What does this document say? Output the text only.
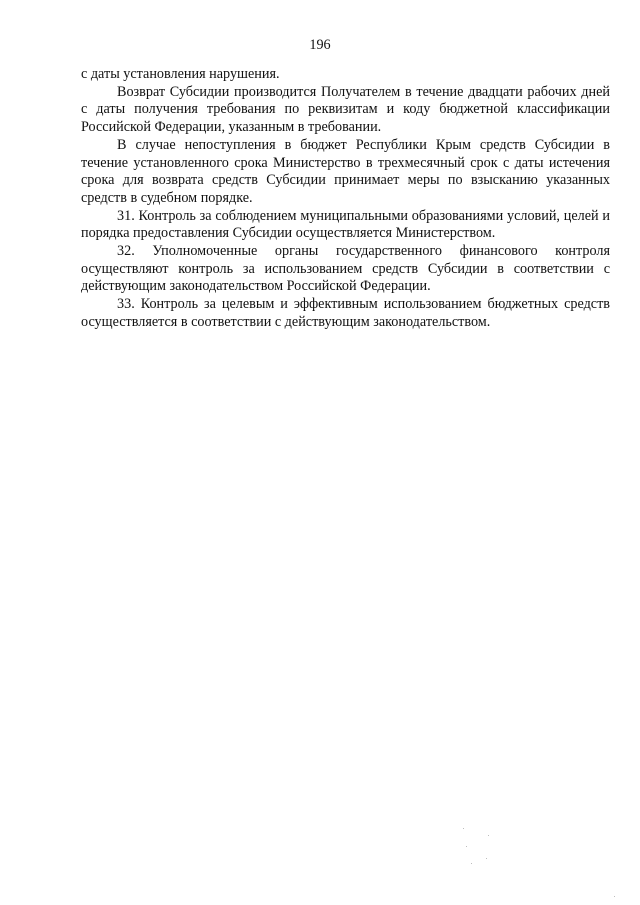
196

с даты установления нарушения.

Возврат Субсидии производится Получателем в течение двадцати рабочих дней с даты получения требования по реквизитам и коду бюджетной классификации Российской Федерации, указанным в требовании.

В случае непоступления в бюджет Республики Крым средств Субсидии в течение установленного срока Министерство в трехмесячный срок с даты истечения срока для возврата средств Субсидии принимает меры по взысканию указанных средств в судебном порядке.

31. Контроль за соблюдением муниципальными образованиями условий, целей и порядка предоставления Субсидии осуществляется Министерством.

32. Уполномоченные органы государственного финансового контроля осуществляют контроль за использованием средств Субсидии в соответствии с действующим законодательством Российской Федерации.

33. Контроль за целевым и эффективным использованием бюджетных средств осуществляется в соответствии с действующим законодательством.
